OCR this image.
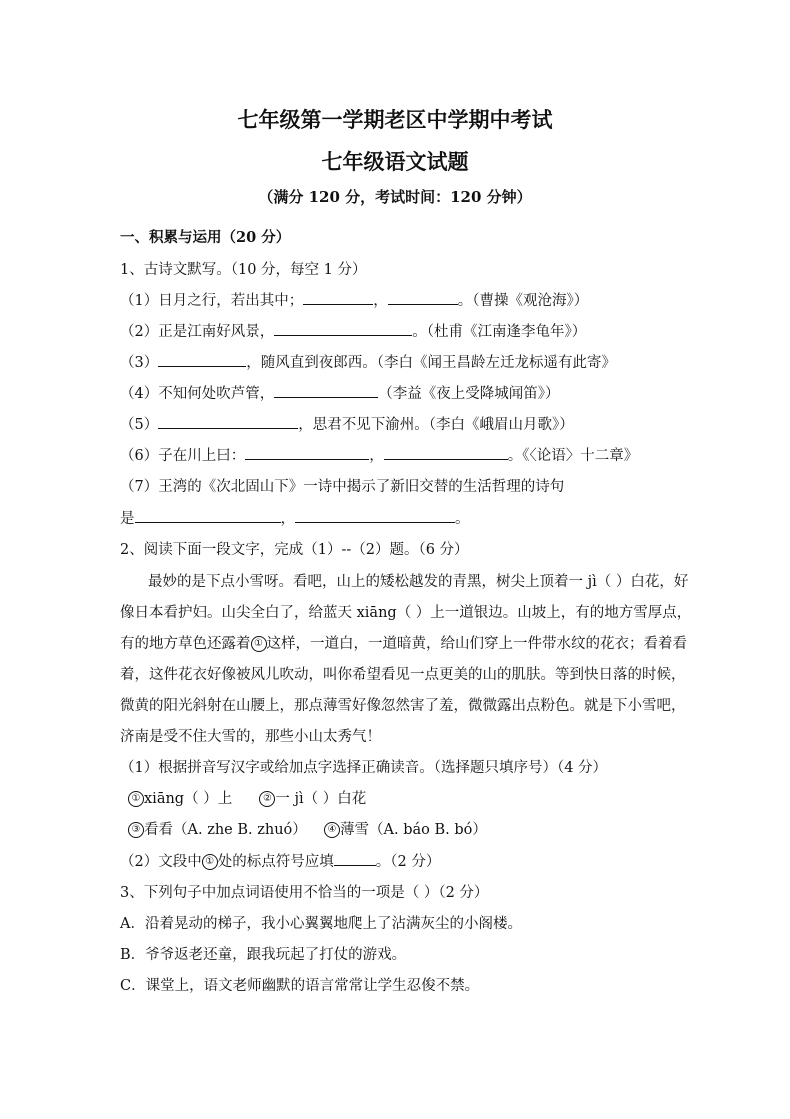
七年级第一学期老区中学期中考试
七年级语文试题
（满分 120 分，考试时间：120 分钟）
一、积累与运用（20 分）
1、古诗文默写。（10 分，每空 1 分）
（1）日月之行，若出其中；	，	。（曹操《观沧海》）
（2）正是江南好风景，	。（杜甫《江南逢李龟年》）
（3）	，随风直到夜郎西。（李白《闻王昌龄左迁龙标遥有此寄》
（4）不知何处吹芦管，	（李益《夜上受降城闻笛》）
（5）	，思君不见下渝州。（李白《峨眉山月歌》）
（6）子在川上曰：	，	。《〈论语〉十二章》
（7）王湾的《次北固山下》一诗中揭示了新旧交替的生活哲理的诗句
是	，	。
2、阅读下面一段文字，完成（1）--（2）题。（6 分）
最妙的是下点小雪呀。看吧，山上的矮松越发的青黑，树尖上顶着一 jì（ ）白花，好
像日本看护妇。山尖全白了，给蓝天 xiāng（ ）上一道银边。山坡上，有的地方雪厚点，
有的地方草色还露着 ① 这样，一道白，一道暗黄，给山们穿上一件带水纹的花衣；看着看
着，这件花衣好像被风儿吹动，叫你希望看见一点更美的山的肌肤。等到快日落的时候，
微黄的阳光斜射在山腰上，那点薄雪好像忽然害了羞，微微露出点粉色。就是下小雪吧，
济南是受不住大雪的，那些小山太秀气！
（1）根据拼音写汉字或给加点字选择正确读音。（选择题只填序号）（4 分）
① xiāng（ ）上	② 一 jì（ ）白花
③ 看看（A. zhe B. zhuó） ④ 薄雪（A. báo B. bó）
（2）文段中 ① 处的标点符号应填	。（2 分）
3、下列句子中加点词语使用不恰当的一项是（ ）（2 分）
A．沿着晃动的梯子，我小心翼翼地爬上了沾满灰尘的小阁楼。
B．爷爷返老还童，跟我玩起了打仗的游戏。
C．课堂上，语文老师幽默的语言常常让学生忍俊不禁。
